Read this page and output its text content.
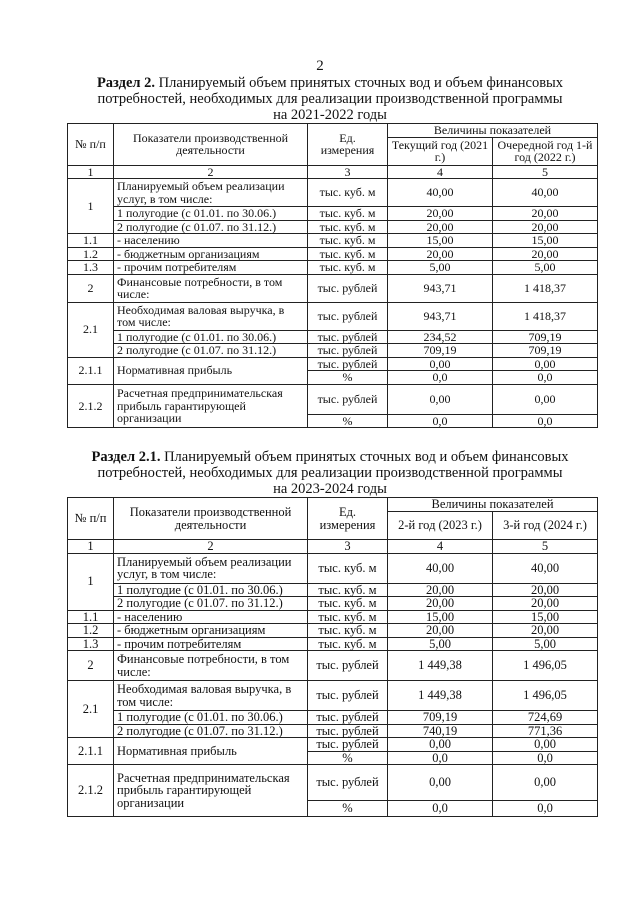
2
Раздел 2. Планируемый объем принятых сточных вод и объем финансовых
потребностей, необходимых для реализации производственной программы
на 2021-2022 годы
№ п/п	Показатели производственной деятельности	Ед. измерения	Величины показателей	
			Текущий год (2021 г.)	Очередной год 1-й год (2022 г.)
1	2	3	4	5
1	Планируемый объем реализации услуг, в том числе:	тыс. куб. м	40,00	40,00
	1 полугодие (с 01.01. по 30.06.)	тыс. куб. м	20,00	20,00
	2 полугодие (с 01.07. по 31.12.)	тыс. куб. м	20,00	20,00
1.1	- населению	тыс. куб. м	15,00	15,00
1.2	- бюджетным организациям	тыс. куб. м	20,00	20,00
1.3	- прочим потребителям	тыс. куб. м	5,00	5,00
2	Финансовые потребности, в том числе:	тыс. рублей	943,71	1 418,37
2.1	Необходимая валовая выручка, в том числе:	тыс. рублей	943,71	1 418,37
	1 полугодие (с 01.01. по 30.06.)	тыс. рублей	234,52	709,19
	2 полугодие (с 01.07. по 31.12.)	тыс. рублей	709,19	709,19
2.1.1	Нормативная прибыль	тыс. рублей	0,00	0,00
		%	0,0	0,0
2.1.2	Расчетная предпринимательская прибыль гарантирующей организации	тыс. рублей	0,00	0,00
		%	0,0	0,0
Раздел 2.1. Планируемый объем принятых сточных вод и объем финансовых
потребностей, необходимых для реализации производственной программы
на 2023-2024 годы
№ п/п	Показатели производственной деятельности	Ед. измерения	Величины показателей	
			2-й год (2023 г.)	3-й год (2024 г.)
1	2	3	4	5
1	Планируемый объем реализации услуг, в том числе:	тыс. куб. м	40,00	40,00
	1 полугодие (с 01.01. по 30.06.)	тыс. куб. м	20,00	20,00
	2 полугодие (с 01.07. по 31.12.)	тыс. куб. м	20,00	20,00
1.1	- населению	тыс. куб. м	15,00	15,00
1.2	- бюджетным организациям	тыс. куб. м	20,00	20,00
1.3	- прочим потребителям	тыс. куб. м	5,00	5,00
2	Финансовые потребности, в том числе:	тыс. рублей	1 449,38	1 496,05
2.1	Необходимая валовая выручка, в том числе:	тыс. рублей	1 449,38	1 496,05
	1 полугодие (с 01.01. по 30.06.)	тыс. рублей	709,19	724,69
	2 полугодие (с 01.07. по 31.12.)	тыс. рублей	740,19	771,36
2.1.1	Нормативная прибыль	тыс. рублей	0,00	0,00
		%	0,0	0,0
2.1.2	Расчетная предпринимательская прибыль гарантирующей организации	тыс. рублей	0,00	0,00
		%	0,0	0,0
